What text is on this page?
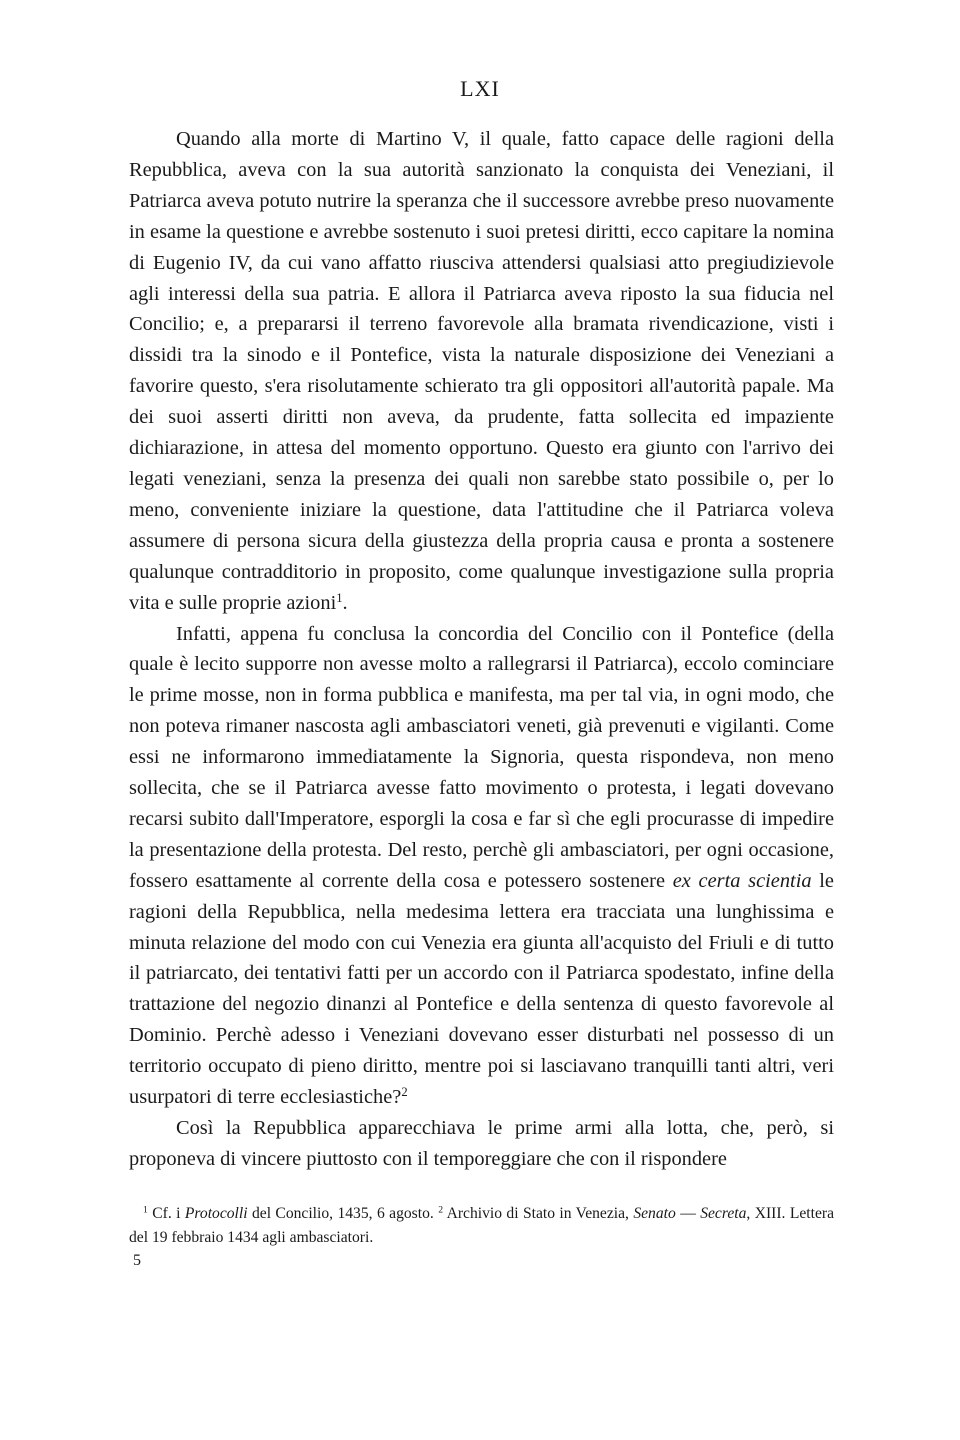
LXI

Quando alla morte di Martino V, il quale, fatto capace delle ragioni della Repubblica, aveva con la sua autorità sanzionato la conquista dei Veneziani, il Patriarca aveva potuto nutrire la speranza che il successore avrebbe preso nuovamente in esame la questione e avrebbe sostenuto i suoi pretesi diritti, ecco capitare la nomina di Eugenio IV, da cui vano affatto riusciva attendersi qualsiasi atto pregiudizievole agli interessi della sua patria. E allora il Patriarca aveva riposto la sua fiducia nel Concilio; e, a prepararsi il terreno favorevole alla bramata rivendicazione, visti i dissidi tra la sinodo e il Pontefice, vista la naturale disposizione dei Veneziani a favorire questo, s'era risolutamente schierato tra gli oppositori all'autorità papale. Ma dei suoi asserti diritti non aveva, da prudente, fatta sollecita ed impaziente dichiarazione, in attesa del momento opportuno. Questo era giunto con l'arrivo dei legati veneziani, senza la presenza dei quali non sarebbe stato possibile o, per lo meno, conveniente iniziare la questione, data l'attitudine che il Patriarca voleva assumere di persona sicura della giustezza della propria causa e pronta a sostenere qualunque contradditorio in proposito, come qualunque investigazione sulla propria vita e sulle proprie azioni$^1$.

Infatti, appena fu conclusa la concordia del Concilio con il Pontefice (della quale è lecito supporre non avesse molto a rallegrarsi il Patriarca), eccolo cominciare le prime mosse, non in forma pubblica e manifesta, ma per tal via, in ogni modo, che non poteva rimaner nascosta agli ambasciatori veneti, già prevenuti e vigilanti. Come essi ne informarono immediatamente la Signoria, questa rispondeva, non meno sollecita, che se il Patriarca avesse fatto movimento o protesta, i legati dovevano recarsi subito dall'Imperatore, esporgli la cosa e far sì che egli procurasse di impedire la presentazione della protesta. Del resto, perchè gli ambasciatori, per ogni occasione, fossero esattamente al corrente della cosa e potessero sostenere ex certa scientia le ragioni della Repubblica, nella medesima lettera era tracciata una lunghissima e minuta relazione del modo con cui Venezia era giunta all'acquisto del Friuli e di tutto il patriarcato, dei tentativi fatti per un accordo con il Patriarca spodestato, infine della trattazione del negozio dinanzi al Pontefice e della sentenza di questo favorevole al Dominio. Perchè adesso i Veneziani dovevano esser disturbati nel possesso di un territorio occupato di pieno diritto, mentre poi si lasciavano tranquilli tanti altri, veri usurpatori di terre ecclesiastiche?$^2$

Così la Repubblica apparecchiava le prime armi alla lotta, che, però, si proponeva di vincere piuttosto con il temporeggiare che con il rispondere

$^1$ Cf. i Protocolli del Concilio, 1435, 6 agosto. $^2$ Archivio di Stato in Venezia, Senato — Secreta, XIII. Lettera del 19 febbraio 1434 agli ambasciatori.

5
